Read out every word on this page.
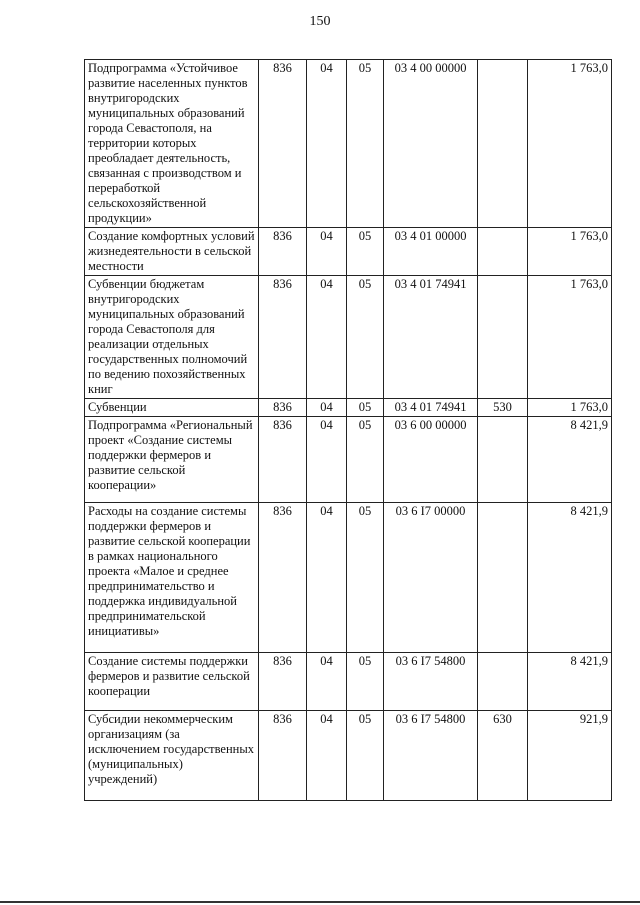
150
Подпрограмма «Устойчивое развитие населенных пунктов внутригородских муниципальных образований города Севастополя, на территории которых преобладает деятельность, связанная с производством и переработкой сельскохозяйственной продукции»	836	04	05	03 4 00 00000		1 763,0
Создание комфортных условий жизнедеятельности в сельской местности	836	04	05	03 4 01 00000		1 763,0
Субвенции бюджетам внутригородских муниципальных образований города Севастополя для реализации отдельных государственных полномочий по ведению похозяйственных книг	836	04	05	03 4 01 74941		1 763,0
Субвенции	836	04	05	03 4 01 74941	530	1 763,0
Подпрограмма «Региональный проект «Создание системы поддержки фермеров и развитие сельской кооперации»	836	04	05	03 6 00 00000		8 421,9
Расходы на создание системы поддержки фермеров и развитие сельской кооперации в рамках национального проекта «Малое и среднее предпринимательство и поддержка индивидуальной предпринимательской инициативы»	836	04	05	03 6 I7 00000		8 421,9
Создание системы поддержки фермеров и развитие сельской кооперации	836	04	05	03 6 I7 54800		8 421,9
Субсидии некоммерческим организациям (за исключением государственных (муниципальных) учреждений)	836	04	05	03 6 I7 54800	630	921,9
